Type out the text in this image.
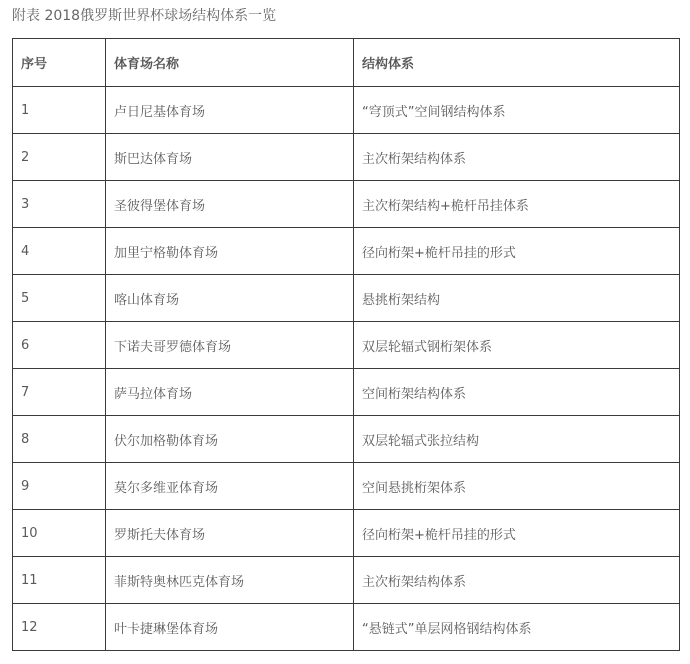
附表 2018俄罗斯世界杯球场结构体系一览
序号	体育场名称	结构体系
1	卢日尼基体育场	“穹顶式”空间钢结构体系
2	斯巴达体育场	主次桁架结构体系
3	圣彼得堡体育场	主次桁架结构+桅杆吊挂体系
4	加里宁格勒体育场	径向桁架+桅杆吊挂的形式
5	喀山体育场	悬挑桁架结构
6	下诺夫哥罗德体育场	双层轮辐式钢桁架体系
7	萨马拉体育场	空间桁架结构体系
8	伏尔加格勒体育场	双层轮辐式张拉结构
9	莫尔多维亚体育场	空间悬挑桁架体系
10	罗斯托夫体育场	径向桁架+桅杆吊挂的形式
11	菲斯特奥林匹克体育场	主次桁架结构体系
12	叶卡捷琳堡体育场	“悬链式”单层网格钢结构体系
